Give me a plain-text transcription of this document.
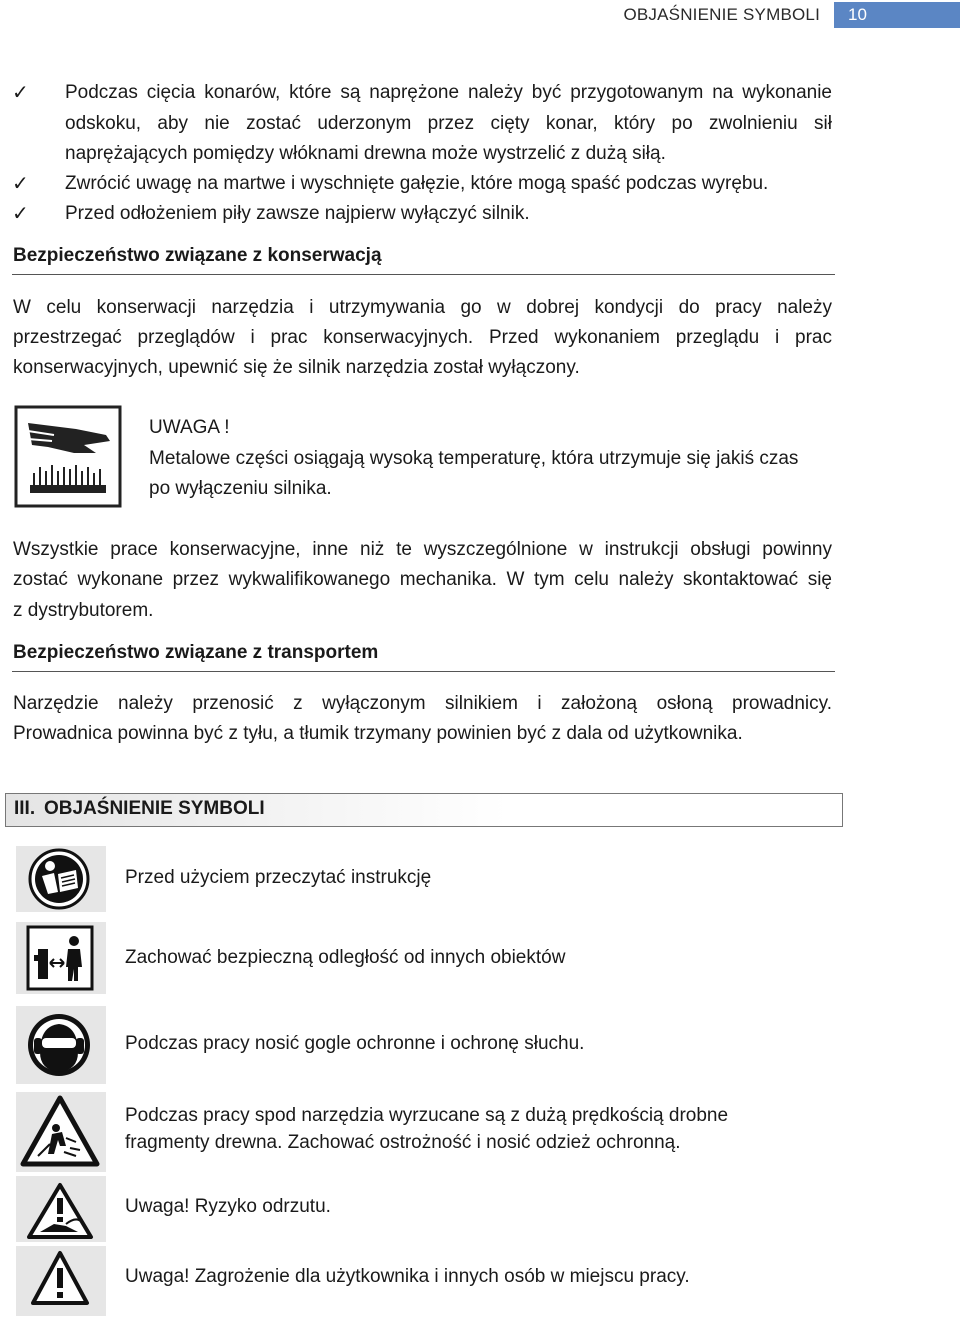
OBJAŚNIENIE SYMBOLI	10
✓ Podczas cięcia konarów, które są naprężone należy być przygotowanym na wykonanie
odskoku, aby nie zostać uderzonym przez cięty konar, który po zwolnieniu sił
naprężających pomiędzy włóknami drewna może wystrzelić z dużą siłą.
✓ Zwrócić uwagę na martwe i wyschnięte gałęzie, które mogą spaść podczas wyrębu.
✓ Przed odłożeniem piły zawsze najpierw wyłączyć silnik.
Bezpieczeństwo związane z konserwacją
W celu konserwacji narzędzia i utrzymywania go w dobrej kondycji do pracy należy
przestrzegać przeglądów i prac konserwacyjnych. Przed wykonaniem przeglądu i prac
konserwacyjnych, upewnić się że silnik narzędzia został wyłączony.
UWAGA !
Metalowe części osiągają wysoką temperaturę, która utrzymuje się jakiś czas
po wyłączeniu silnika.
Wszystkie prace konserwacyjne, inne niż te wyszczególnione w instrukcji obsługi powinny
zostać wykonane przez wykwalifikowanego mechanika. W tym celu należy skontaktować się
z dystrybutorem.
Bezpieczeństwo związane z transportem
Narzędzie należy przenosić z wyłączonym silnikiem i założoną osłoną prowadnicy.
Prowadnica powinna być z tyłu, a tłumik trzymany powinien być z dala od użytkownika.
III. OBJAŚNIENIE SYMBOLI
Przed użyciem przeczytać instrukcję
Zachować bezpieczną odległość od innych obiektów
Podczas pracy nosić gogle ochronne i ochronę słuchu.
Podczas pracy spod narzędzia wyrzucane są z dużą prędkością drobne
fragmenty drewna. Zachować ostrożność i nosić odzież ochronną.
Uwaga! Ryzyko odrzutu.
Uwaga! Zagrożenie dla użytkownika i innych osób w miejscu pracy.
